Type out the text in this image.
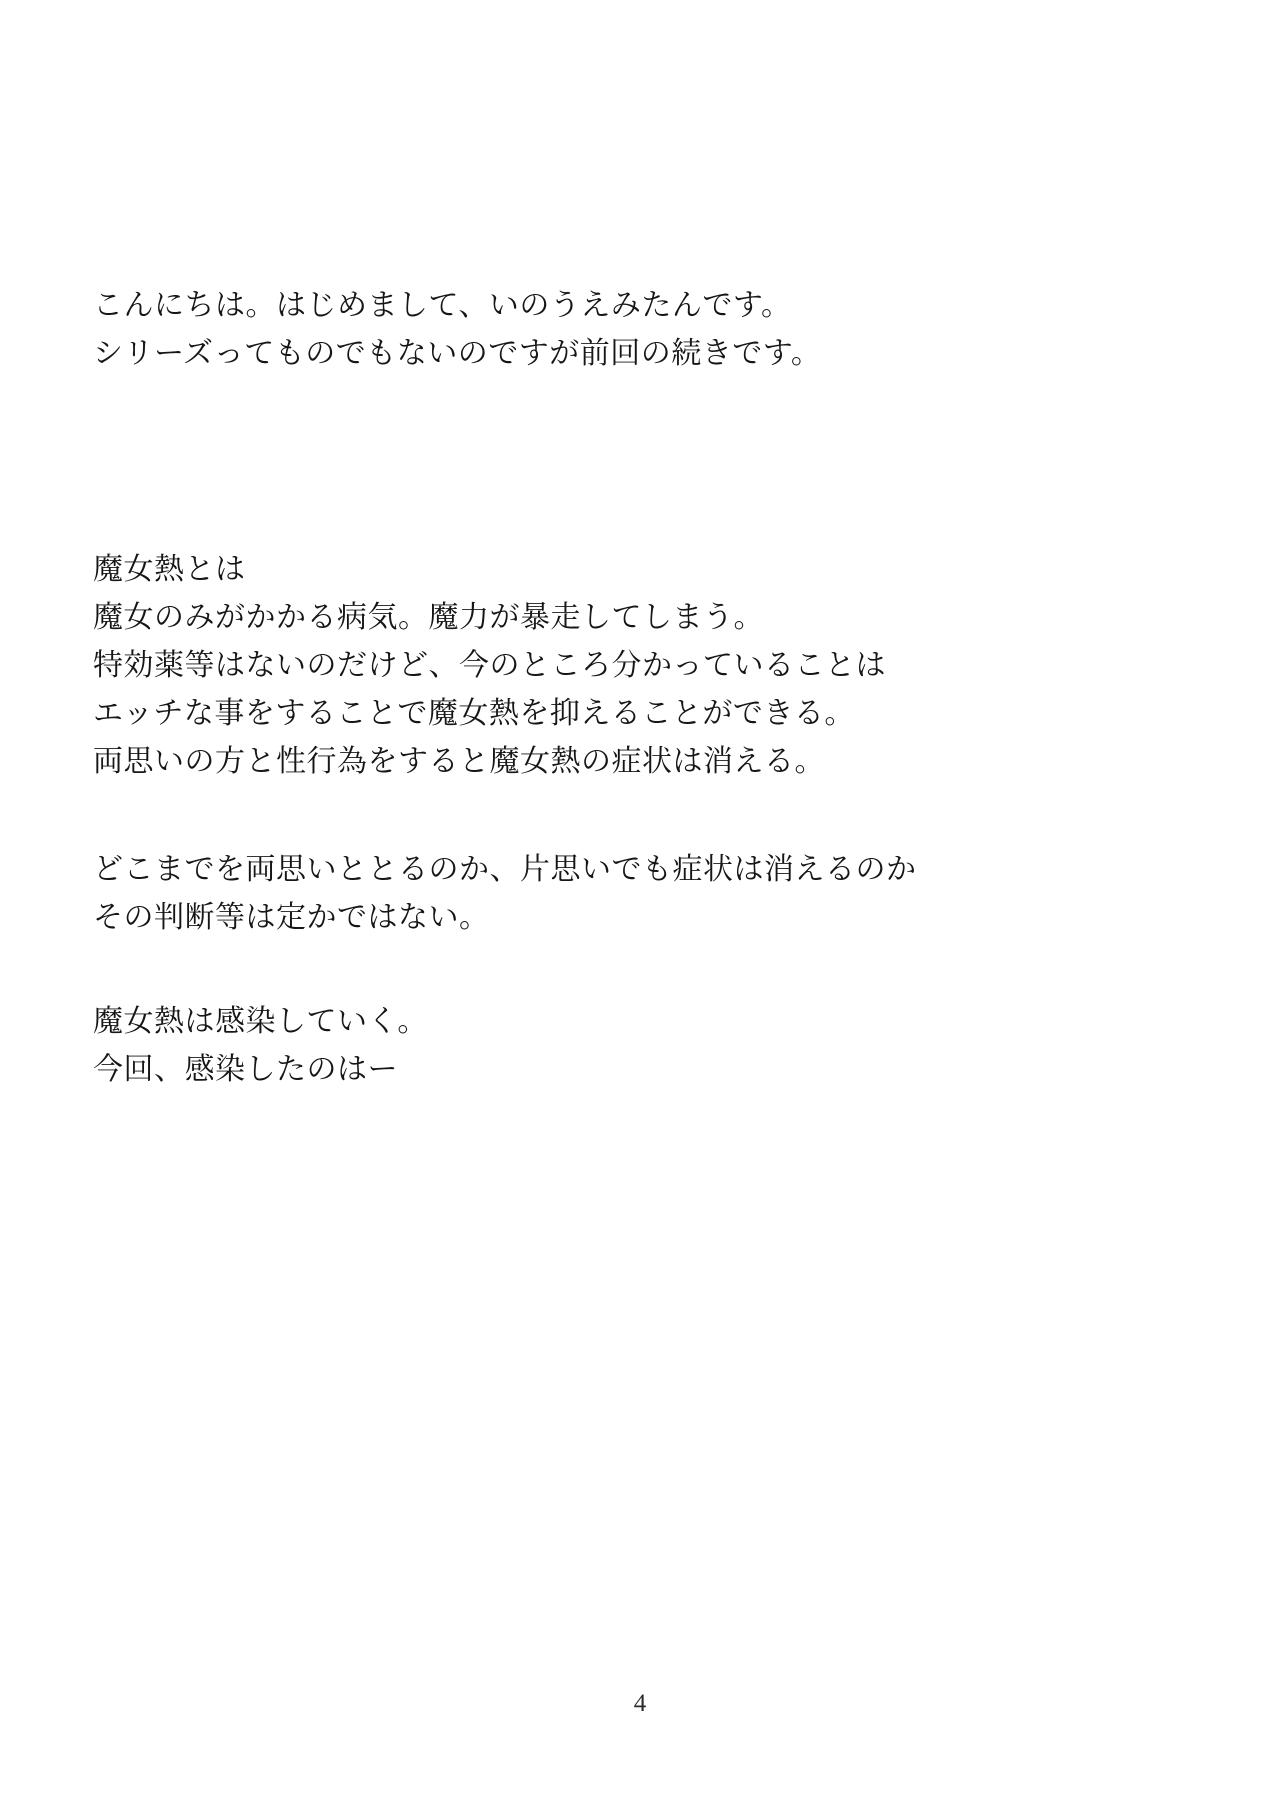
こんにちは。はじめまして、いのうえみたんです。
シリーズってものでもないのですが前回の続きです。
魔女熱とは
魔女のみがかかる病気。魔力が暴走してしまう。
特効薬等はないのだけど、今のところ分かっていることは
エッチな事をすることで魔女熱を抑えることができる。
両思いの方と性行為をすると魔女熱の症状は消える。
どこまでを両思いととるのか、片思いでも症状は消えるのか
その判断等は定かではない。
魔女熱は感染していく。
今回、感染したのはー
4
